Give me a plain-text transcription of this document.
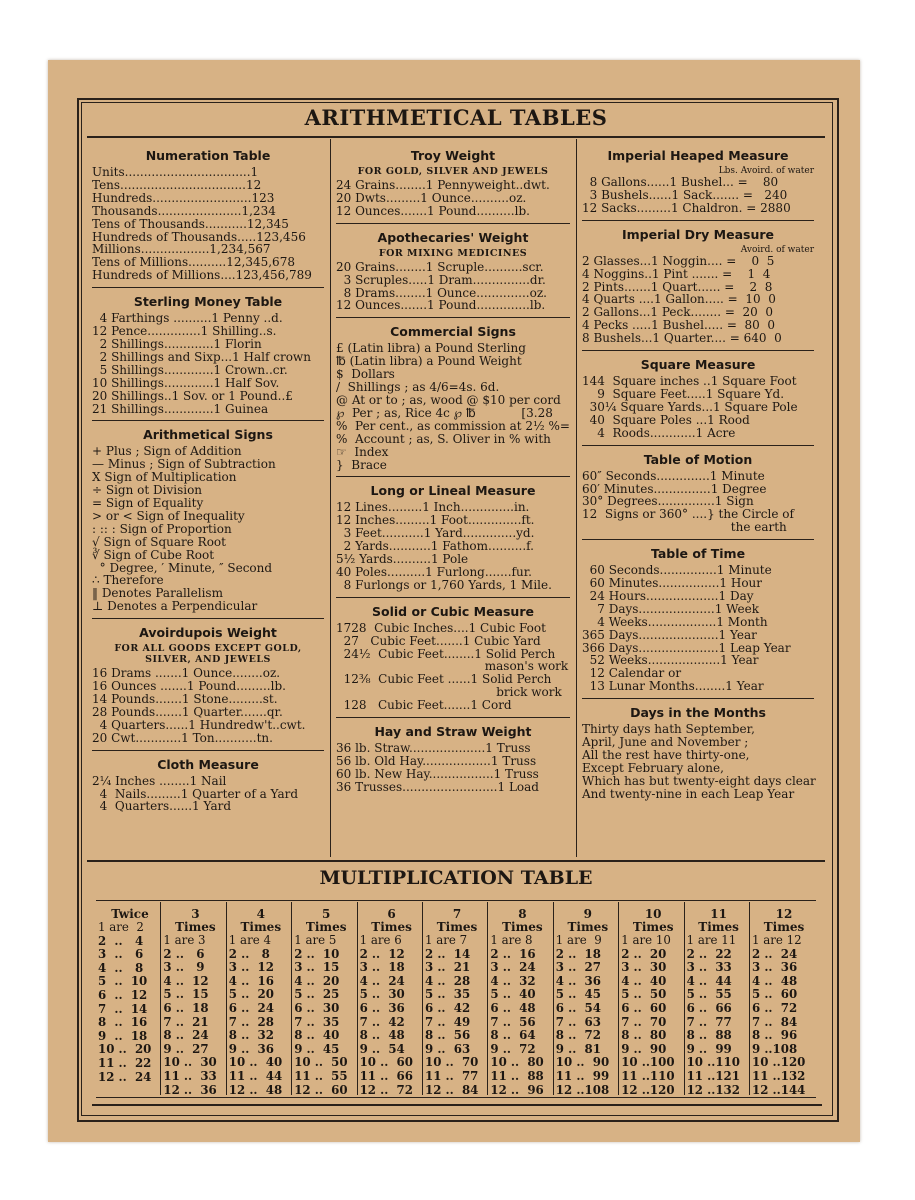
ARITHMETICAL TABLES
Numeration Table
Units.................................1
Tens.................................12
Hundreds..........................123
Thousands......................1,234
Tens of Thousands...........12,345
Hundreds of Thousands.....123,456
Millions..................1,234,567
Tens of Millions..........12,345,678
Hundreds of Millions....123,456,789
Sterling Money Table
4 Farthings ..........1 Penny ..d.
12 Pence..............1 Shilling..s.
2 Shillings.............1 Florin
2 Shillings and Sixp...1 Half crown
5 Shillings.............1 Crown..cr.
10 Shillings.............1 Half Sov.
20 Shillings..1 Sov. or 1 Pound..£
21 Shillings.............1 Guinea
Arithmetical Signs
+ Plus ; Sign of Addition
— Minus ; Sign of Subtraction
X Sign of Multiplication
÷ Sign ot Division
= Sign of Equality
> or < Sign of Inequality
: :: : Sign of Proportion
√ Sign of Square Root
∛ Sign of Cube Root
° Degree, ′ Minute, ″ Second
∴ Therefore
‖ Denotes Parallelism
⊥ Denotes a Perpendicular
Avoirdupois Weight
FOR ALL GOODS EXCEPT GOLD, SILVER, AND JEWELS
16 Drams .......1 Ounce........oz.
16 Ounces .......1 Pound.........lb.
14 Pounds.......1 Stone.........st.
28 Pounds.......1 Quarter.......qr.
4 Quarters......1 Hundredw't..cwt.
20 Cwt............1 Ton...........tn.
Cloth Measure
2¼ Inches ........1 Nail
4  Nails.........1 Quarter of a Yard
4  Quarters......1 Yard
Troy Weight
FOR GOLD, SILVER AND JEWELS
24 Grains........1 Pennyweight..dwt.
20 Dwts.........1 Ounce..........oz.
12 Ounces.......1 Pound..........lb.
Apothecaries' Weight
FOR MIXING MEDICINES
20 Grains........1 Scruple..........scr.
3 Scruples.....1 Dram...............dr.
8 Drams........1 Ounce..............oz.
12 Ounces.......1 Pound..............lb.
Commercial Signs
£ (Latin libra) a Pound Sterling
℔ (Latin libra) a Pound Weight
$  Dollars
/  Shillings ; as 4/6=4s. 6d.
@ At or to ; as, wood @ $10 per cord
℘  Per ; as, Rice 4c ℘ ℔            [3.28
%  Per cent., as commission at 2½ %=
%  Account ; as, S. Oliver in % with
☞  Index
}  Brace
Long or Lineal Measure
12 Lines.........1 Inch..............in.
12 Inches.........1 Foot..............ft.
3 Feet...........1 Yard..............yd.
2 Yards...........1 Fathom..........f.
5½ Yards..........1 Pole
40 Poles..........1 Furlong.......fur.
8 Furlongs or 1,760 Yards, 1 Mile.
Solid or Cubic Measure
1728  Cubic Inches....1 Cubic Foot
27   Cubic Feet.......1 Cubic Yard
24½  Cubic Feet........1 Solid Perch
mason's work
12⅜  Cubic Feet ......1 Solid Perch
brick work
128   Cubic Feet.......1 Cord
Hay and Straw Weight
36 lb. Straw....................1 Truss
56 lb. Old Hay..................1 Truss
60 lb. New Hay.................1 Truss
36 Trusses.........................1 Load
Imperial Heaped Measure
Lbs. Avoird. of water
8 Gallons......1 Bushel... =    80
3 Bushels......1 Sack....... =   240
12 Sacks.........1 Chaldron. = 2880
Imperial Dry Measure
Avoird. of water
2 Glasses...1 Noggin.... =    0  5
4 Noggins..1 Pint ....... =    1  4
2 Pints.......1 Quart...... =    2  8
4 Quarts ....1 Gallon..... =  10  0
2 Gallons...1 Peck........ =  20  0
4 Pecks .....1 Bushel..... =  80  0
8 Bushels...1 Quarter.... = 640  0
Square Measure
144  Square inches ..1 Square Foot
9  Square Feet.....1 Square Yd.
30¼ Square Yards...1 Square Pole
40  Square Poles ...1 Rood
4  Roods............1 Acre
Table of Motion
60″ Seconds..............1 Minute
60′ Minutes...............1 Degree
30° Degrees...............1 Sign
12  Signs or 360° ....} the Circle of
the earth
Table of Time
60 Seconds...............1 Minute
60 Minutes................1 Hour
24 Hours...................1 Day
7 Days....................1 Week
4 Weeks..................1 Month
365 Days.....................1 Year
366 Days.....................1 Leap Year
52 Weeks...................1 Year
12 Calendar or
13 Lunar Months........1 Year
Days in the Months
Thirty days hath September,
April, June and November ;
All the rest have thirty-one,
Except February alone,
Which has but twenty-eight days clear
And twenty-nine in each Leap Year
MULTIPLICATION TABLE
Twice
1 are  2
2  ..   4
3  ..   6
4  ..   8
5  ..  10
6  ..  12
7  ..  14
8  ..  16
9  ..  18
10 ..  20
11 ..  22
12 ..  24
3
Times
1 are 3
2 ..   6
3 ..   9
4 ..  12
5 ..  15
6 ..  18
7 ..  21
8 ..  24
9 ..  27
10 ..  30
11 ..  33
12 ..  36
4
Times
1 are 4
2 ..   8
3 ..  12
4 ..  16
5 ..  20
6 ..  24
7 ..  28
8 ..  32
9 ..  36
10 ..  40
11 ..  44
12 ..  48
5
Times
1 are 5
2 ..  10
3 ..  15
4 ..  20
5 ..  25
6 ..  30
7 ..  35
8 ..  40
9 ..  45
10 ..  50
11 ..  55
12 ..  60
6
Times
1 are 6
2 ..  12
3 ..  18
4 ..  24
5 ..  30
6 ..  36
7 ..  42
8 ..  48
9 ..  54
10 ..  60
11 ..  66
12 ..  72
7
Times
1 are 7
2 ..  14
3 ..  21
4 ..  28
5 ..  35
6 ..  42
7 ..  49
8 ..  56
9 ..  63
10 ..  70
11 ..  77
12 ..  84
8
Times
1 are 8
2 ..  16
3 ..  24
4 ..  32
5 ..  40
6 ..  48
7 ..  56
8 ..  64
9 ..  72
10 ..  80
11 ..  88
12 ..  96
9
Times
1 are  9
2 ..  18
3 ..  27
4 ..  36
5 ..  45
6 ..  54
7 ..  63
8 ..  72
9 ..  81
10 ..  90
11 ..  99
12 ..108
10
Times
1 are 10
2 ..  20
3 ..  30
4 ..  40
5 ..  50
6 ..  60
7 ..  70
8 ..  80
9 ..  90
10 ..100
11 ..110
12 ..120
11
Times
1 are 11
2 ..  22
3 ..  33
4 ..  44
5 ..  55
6 ..  66
7 ..  77
8 ..  88
9 ..  99
10 ..110
11 ..121
12 ..132
12
Times
1 are 12
2 ..  24
3 ..  36
4 ..  48
5 ..  60
6 ..  72
7 ..  84
8 ..  96
9 ..108
10 ..120
11 ..132
12 ..144
